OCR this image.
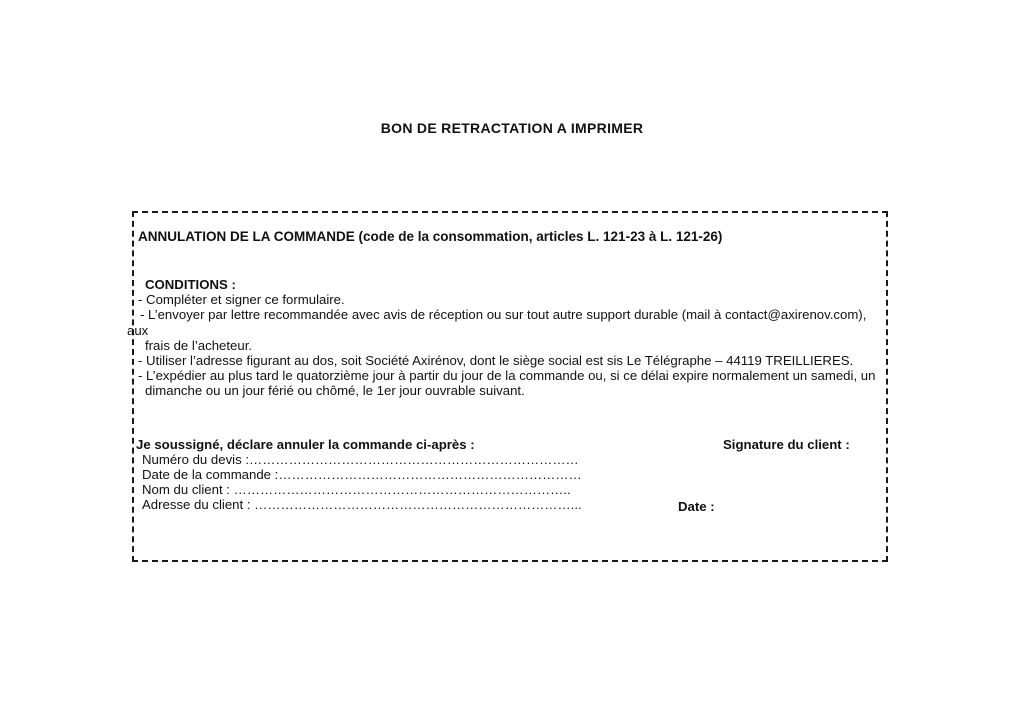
BON DE RETRACTATION A IMPRIMER
ANNULATION DE LA COMMANDE (code de la consommation, articles L. 121-23 à L. 121-26)
CONDITIONS :
- Compléter et signer ce formulaire.
- L’envoyer par lettre recommandée avec avis de réception ou sur tout autre support durable (mail à contact@axirenov.com),
aux
frais de l’acheteur.
- Utiliser l’adresse figurant au dos, soit Société Axirénov, dont le siège social est sis Le Télégraphe – 44119 TREILLIERES.
- L’expédier au plus tard le quatorzième jour à partir du jour de la commande ou, si ce délai expire normalement un samedi, un
dimanche ou un jour férié ou chômé, le 1er jour ouvrable suivant.
Je soussigné, déclare annuler la commande ci-après :	Signature du client :
Numéro du devis :…………………………………………………………………
Date de la commande :……………………………………………………………
Nom du client : …………………………………………………………………..
Adresse du client : ………………………………………………………………...	Date :
